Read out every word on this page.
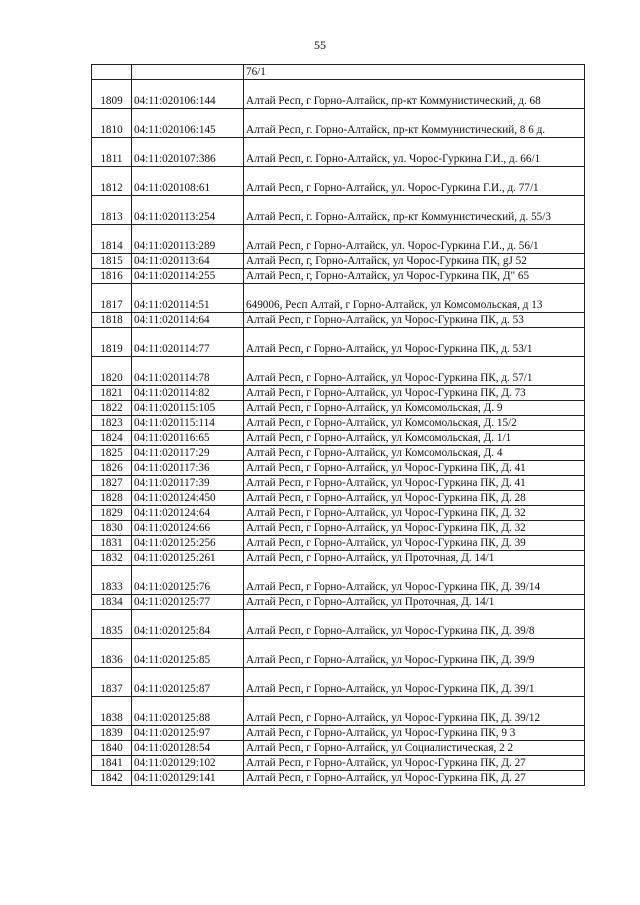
55
		76/1
1809	04:11:020106:144	Алтай Респ, г Горно-Алтайск, пр-кт Коммунистический, д. 68
1810	04:11:020106:145	Алтай Респ, г. Горно-Алтайск, пр-кт Коммунистический, 8 6 д.
1811	04:11:020107:386	Алтай Респ, г. Горно-Алтайск, ул. Чорос-Гуркина Г.И., д. 66/1
1812	04:11:020108:61	Алтай Респ, г Горно-Алтайск, ул. Чорос-Гуркина Г.И., д. 77/1
1813	04:11:020113:254	Алтай Респ, г. Горно-Алтайск, пр-кт Коммунистический, д. 55/3
1814	04:11:020113:289	Алтай Респ, г Горно-Алтайск, ул. Чорос-Гуркина Г.И., д. 56/1
1815	04:11:020113:64	Алтай Респ, г, Горно-Алтайск, ул Чорос-Гуркина ПК, gJ 52
1816	04:11:020114:255	Алтай Респ, г, Горно-Алтайск, ул Чорос-Гуркина ПК, Д" 65
1817	04:11:020114:51	649006, Респ Алтай, г Горно-Алтайск, ул Комсомольская, д 13
1818	04:11:020114:64	Алтай Респ, г Горно-Алтайск, ул Чорос-Гуркина ПК, д. 53
1819	04:11:020114:77	Алтай Респ, г Горно-Алтайск, ул Чорос-Гуркина ПК, д. 53/1
1820	04:11:020114:78	Алтай Респ, г Горно-Алтайск, ул Чорос-Гуркина ПК, д. 57/1
1821	04:11:020114:82	Алтай Респ, г Горно-Алтайск, ул Чорос-Гуркина ПК, Д. 73
1822	04:11:020115:105	Алтай Респ, г Горно-Алтайск, ул Комсомольская, Д. 9
1823	04:11:020115:114	Алтай Респ, г Горно-Алтайск, ул Комсомольская, Д. 15/2
1824	04:11:020116:65	Алтай Респ, г Горно-Алтайск, ул Комсомольская, Д. 1/1
1825	04:11:020117:29	Алтай Респ, г Горно-Алтайск, ул Комсомольская, Д. 4
1826	04:11:020117:36	Алтай Респ, г Горно-Алтайск, ул Чорос-Гуркина ПК, Д. 41
1827	04:11:020117:39	Алтай Респ, г Горно-Алтайск, ул Чорос-Гуркина ПК, Д. 41
1828	04:11:020124:450	Алтай Респ, г Горно-Алтайск, ул Чорос-Гуркина ПК, Д. 28
1829	04:11:020124:64	Алтай Респ, г Горно-Алтайск, ул Чорос-Гуркина ПК, Д. 32
1830	04:11:020124:66	Алтай Респ, г Горно-Алтайск, ул Чорос-Гуркина ПК, Д. 32
1831	04:11:020125:256	Алтай Респ, г Горно-Алтайск, ул Чорос-Гуркина ПК, Д. 39
1832	04:11:020125:261	Алтай Респ, г Горно-Алтайск, ул Проточная, Д. 14/1
1833	04:11:020125:76	Алтай Респ, г Горно-Алтайск, ул Чорос-Гуркина ПК, Д. 39/14
1834	04:11:020125:77	Алтай Респ, г Горно-Алтайск, ул Проточная, Д. 14/1
1835	04:11:020125:84	Алтай Респ, г Горно-Алтайск, ул Чорос-Гуркина ПК, Д. 39/8
1836	04:11:020125:85	Алтай Респ, г Горно-Алтайск, ул Чорос-Гуркина ПК, Д. 39/9
1837	04:11:020125:87	Алтай Респ, г Горно-Алтайск, ул Чорос-Гуркина ПК, Д. 39/1
1838	04:11:020125:88	Алтай Респ, г Горно-Алтайск, ул Чорос-Гуркина ПК, Д. 39/12
1839	04:11:020125:97	Алтай Респ, г Горно-Алтайск, ул Чорос-Гуркина ПК, 9 3
1840	04:11:020128:54	Алтай Респ, г Горно-Алтайск, ул Социалистическая, 2 2
1841	04:11:020129:102	Алтай Респ, г Горно-Алтайск, ул Чорос-Гуркина ПК, Д. 27
1842	04:11:020129:141	Алтай Респ, г Горно-Алтайск, ул Чорос-Гуркина ПК, Д. 27
